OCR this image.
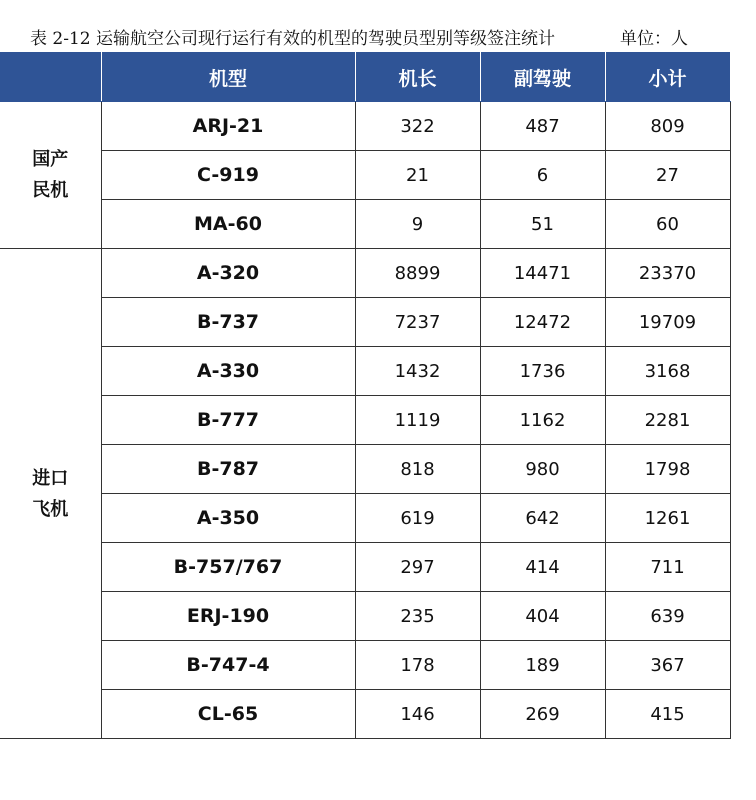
表 2-12 运输航空公司现行运行有效的机型的驾驶员型别等级签注统计	单位：人
	机型	机长	副驾驶	小计

国产
民机	ARJ-21	322	487	809
	C-919	21	6	27
	MA-60	9	51	60

进口
飞机	A-320	8899	14471	23370
	B-737	7237	12472	19709
	A-330	1432	1736	3168
	B-777	1119	1162	2281
	B-787	818	980	1798
	A-350	619	642	1261
	B-757/767	297	414	711
	ERJ-190	235	404	639
	B-747-4	178	189	367
	CL-65	146	269	415
